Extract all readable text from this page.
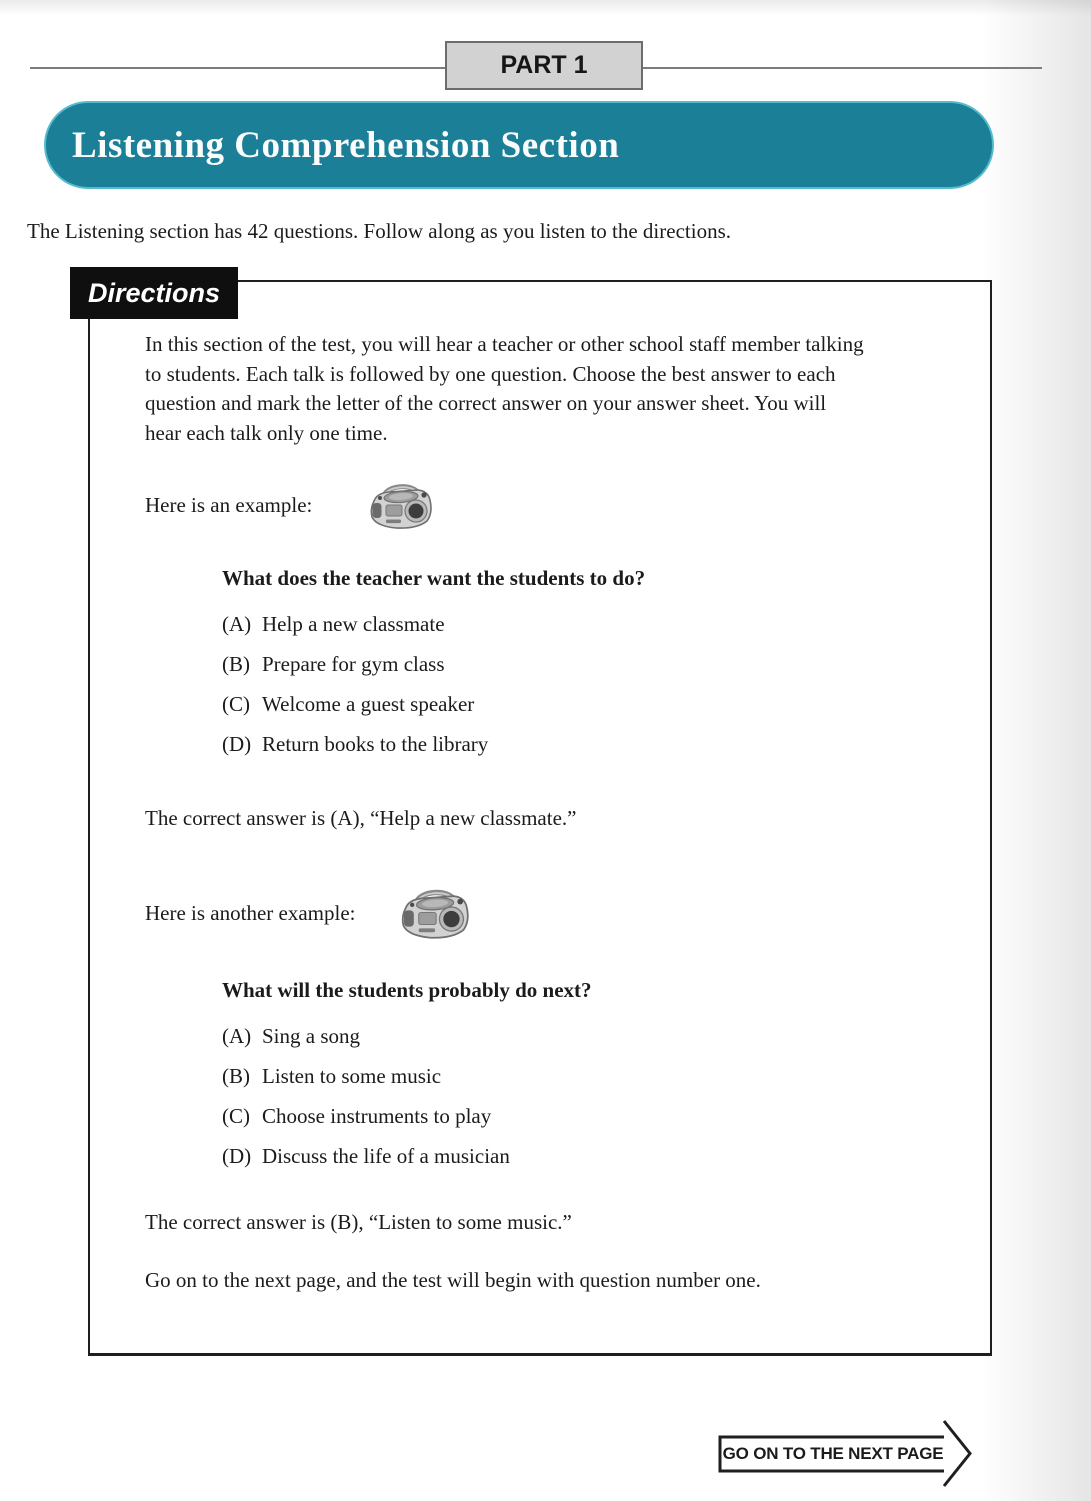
PART 1
Listening Comprehension Section

The Listening section has 42 questions. Follow along as you listen to the directions.

Directions
In this section of the test, you will hear a teacher or other school staff member talking
to students. Each talk is followed by one question. Choose the best answer to each
question and mark the letter of the correct answer on your answer sheet. You will
hear each talk only one time.
Here is an example:
What does the teacher want the students to do?
(A) Help a new classmate
(B) Prepare for gym class
(C) Welcome a guest speaker
(D) Return books to the library
The correct answer is (A), “Help a new classmate.”
Here is another example:
What will the students probably do next?
(A) Sing a song
(B) Listen to some music
(C) Choose instruments to play
(D) Discuss the life of a musician
The correct answer is (B), “Listen to some music.”
Go on to the next page, and the test will begin with question number one.
GO ON TO THE NEXT PAGE
